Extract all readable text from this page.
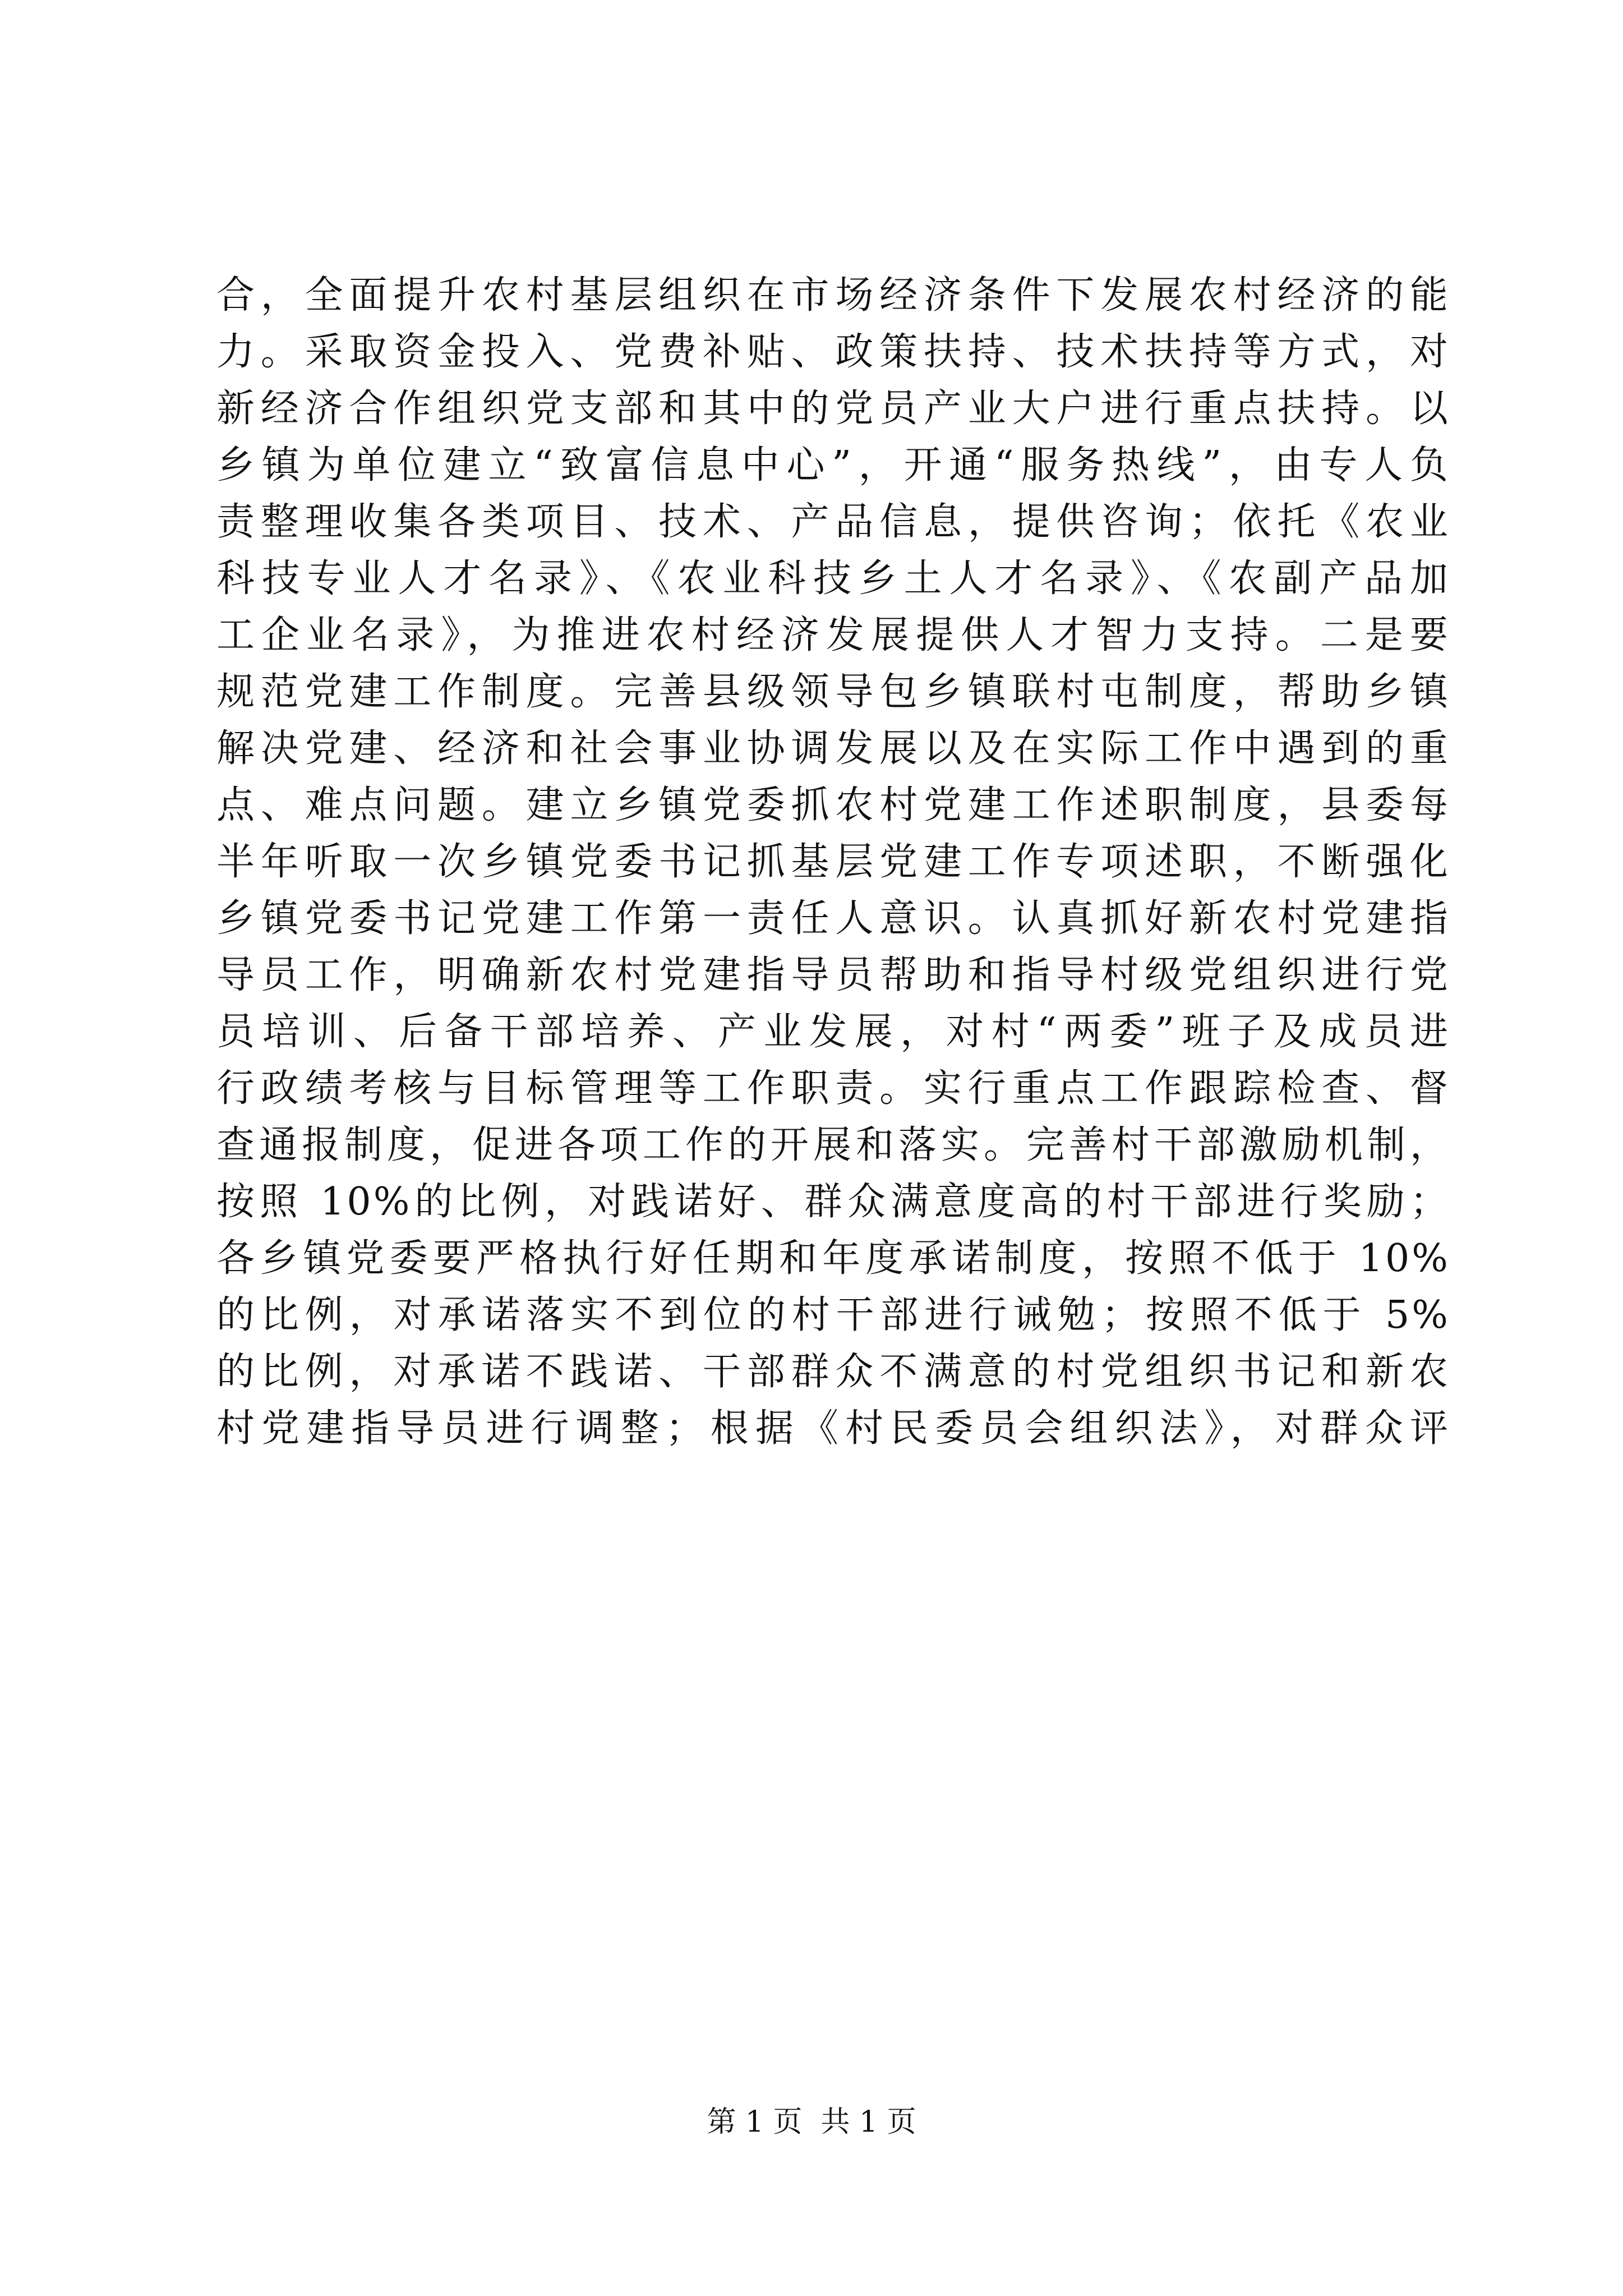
合，全面提升农村基层组织在市场经济条件下发展农村经济的能
力。采取资金投入、党费补贴、政策扶持、技术扶持等方式，对
新经济合作组织党支部和其中的党员产业大户进行重点扶持。以
乡镇为单位建立“致富信息中心”，开通“服务热线”，由专人负
责整理收集各类项目、技术、产品信息，提供咨询；依托《农业
科技专业人才名录》、《农业科技乡土人才名录》、《农副产品加
工企业名录》，为推进农村经济发展提供人才智力支持。二是要
规范党建工作制度。完善县级领导包乡镇联村屯制度，帮助乡镇
解决党建、经济和社会事业协调发展以及在实际工作中遇到的重
点、难点问题。建立乡镇党委抓农村党建工作述职制度，县委每
半年听取一次乡镇党委书记抓基层党建工作专项述职，不断强化
乡镇党委书记党建工作第一责任人意识。认真抓好新农村党建指
导员工作，明确新农村党建指导员帮助和指导村级党组织进行党
员培训、后备干部培养、产业发展，对村“两委”班子及成员进
行政绩考核与目标管理等工作职责。实行重点工作跟踪检查、督
查通报制度，促进各项工作的开展和落实。完善村干部激励机制，
按照 10%的比例，对践诺好、群众满意度高的村干部进行奖励；
各乡镇党委要严格执行好任期和年度承诺制度，按照不低于 10%
的比例，对承诺落实不到位的村干部进行诫勉；按照不低于 5%
的比例，对承诺不践诺、干部群众不满意的村党组织书记和新农
村党建指导员进行调整；根据《村民委员会组织法》，对群众评
第 1 页  共 1 页
